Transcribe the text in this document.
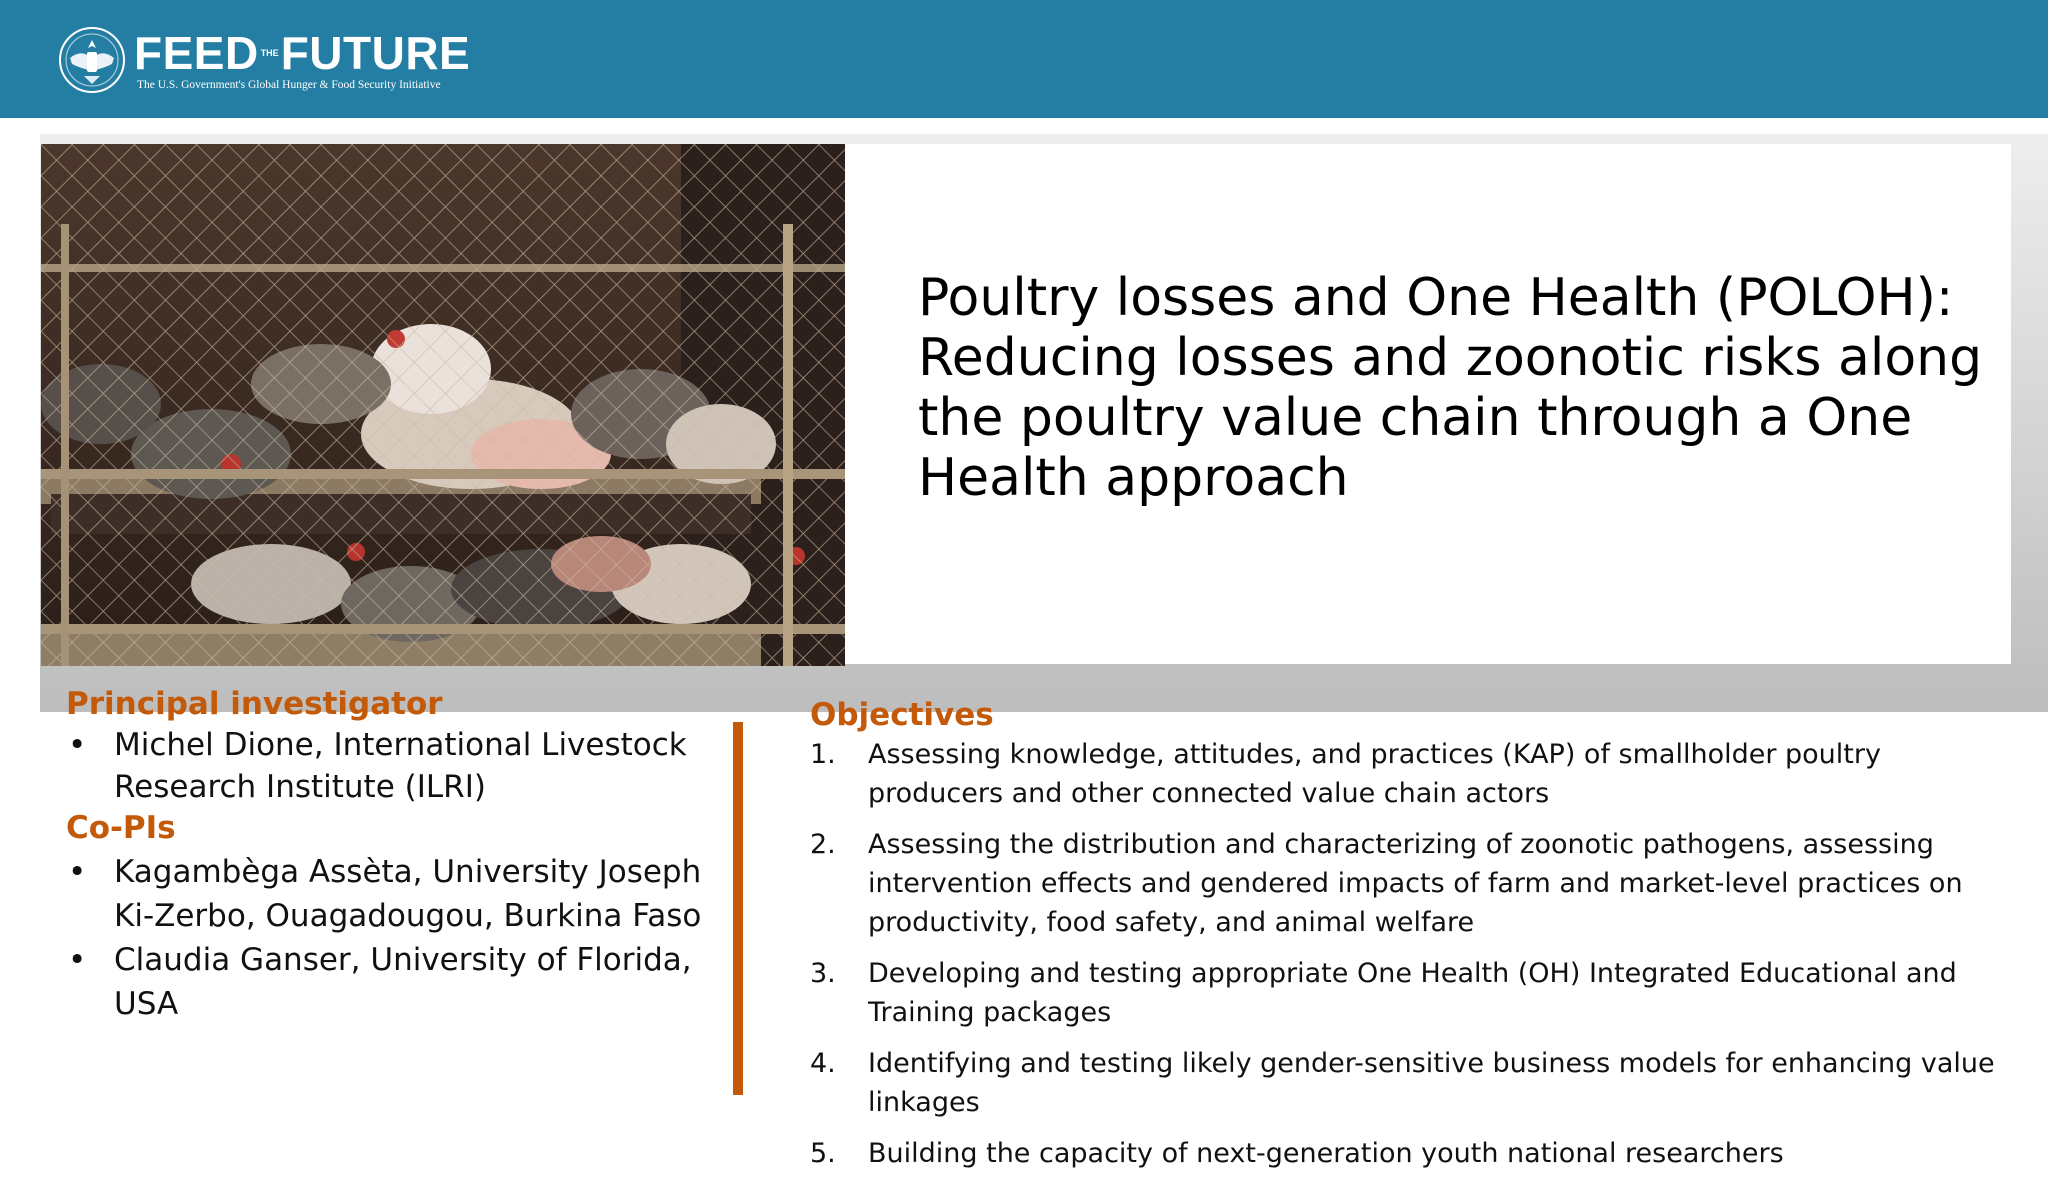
FEED THE FUTURE
The U.S. Government's Global Hunger & Food Security Initiative
Poultry losses and One Health (POLOH): Reducing losses and zoonotic risks along the poultry value chain through a One Health approach
Principal investigator
• Michel Dione, International Livestock Research Institute (ILRI)
Co-PIs
• Kagambèga Assèta, University Joseph Ki-Zerbo, Ouagadougou, Burkina Faso
• Claudia Ganser, University of Florida, USA
Objectives
1. Assessing knowledge, attitudes, and practices (KAP) of smallholder poultry producers and other connected value chain actors
2. Assessing the distribution and characterizing of zoonotic pathogens, assessing intervention effects and gendered impacts of farm and market-level practices on productivity, food safety, and animal welfare
3. Developing and testing appropriate One Health (OH) Integrated Educational and Training packages
4. Identifying and testing likely gender-sensitive business models for enhancing value linkages
5. Building the capacity of next-generation youth national researchers
